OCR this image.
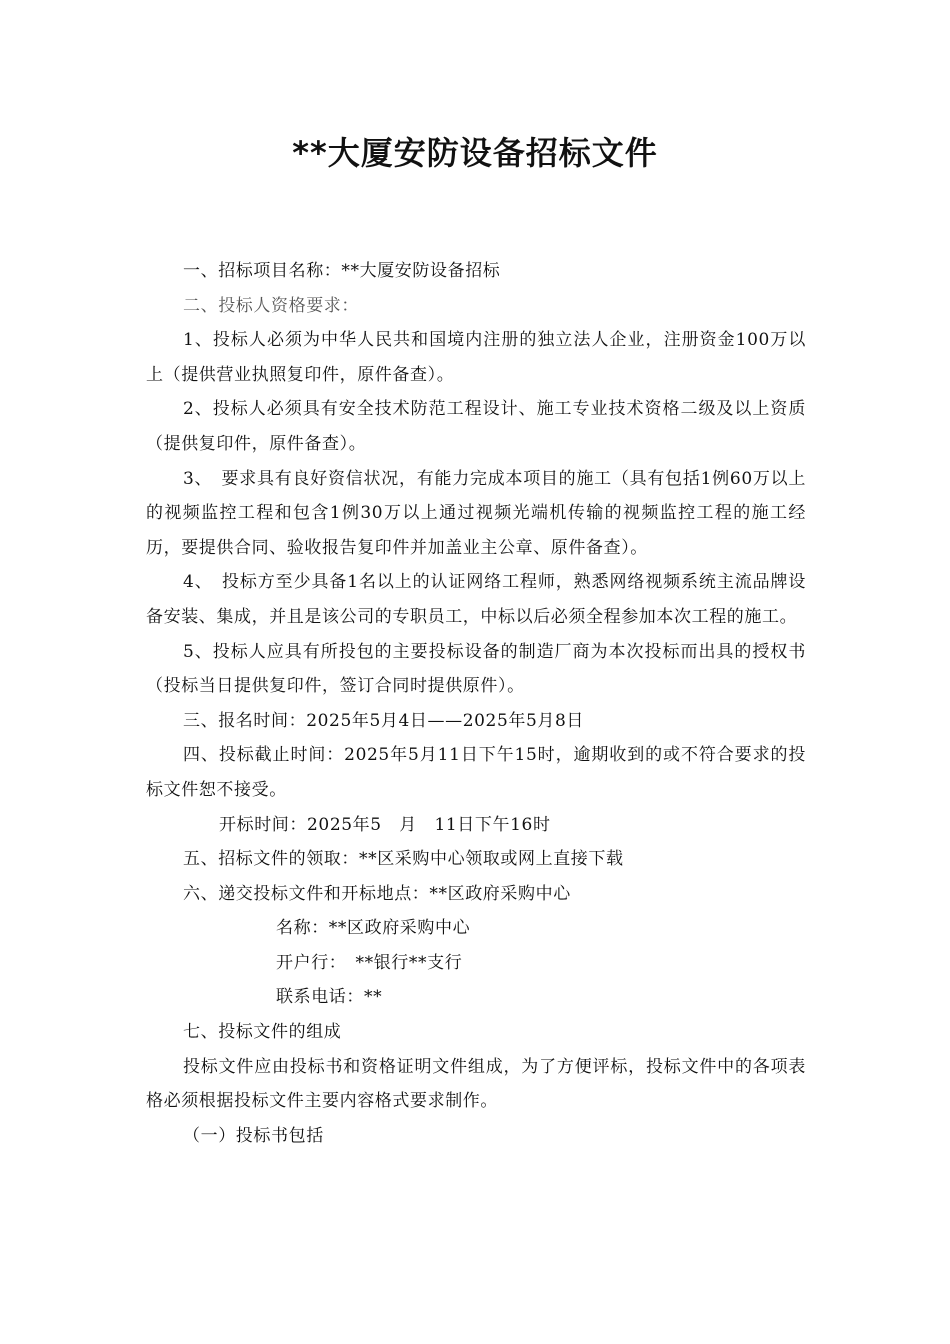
**大厦安防设备招标文件

一、招标项目名称：**大厦安防设备招标

二、投标人资格要求：

1、投标人必须为中华人民共和国境内注册的独立法人企业，注册资金100万以上（提供营业执照复印件，原件备查）。

2、投标人必须具有安全技术防范工程设计、施工专业技术资格二级及以上资质（提供复印件，原件备查）。

3、　要求具有良好资信状况，有能力完成本项目的施工（具有包括1例60万以上的视频监控工程和包含1例30万以上通过视频光端机传输的视频监控工程的施工经历，要提供合同、验收报告复印件并加盖业主公章、原件备查）。

4、　投标方至少具备1名以上的认证网络工程师，熟悉网络视频系统主流品牌设备安装、集成，并且是该公司的专职员工，中标以后必须全程参加本次工程的施工。

5、投标人应具有所投包的主要投标设备的制造厂商为本次投标而出具的授权书（投标当日提供复印件，签订合同时提供原件）。

三、报名时间：2025年5月4日——2025年5月8日

四、投标截止时间：2025年5月11日下午15时，逾期收到的或不符合要求的投标文件恕不接受。

开标时间：2025年5　月　11日下午16时

五、招标文件的领取：**区采购中心领取或网上直接下载

六、递交投标文件和开标地点：**区政府采购中心

名称：**区政府采购中心

开户行：　**银行**支行

联系电话：**

七、投标文件的组成

投标文件应由投标书和资格证明文件组成，为了方便评标，投标文件中的各项表格必须根据投标文件主要内容格式要求制作。

（一）投标书包括
